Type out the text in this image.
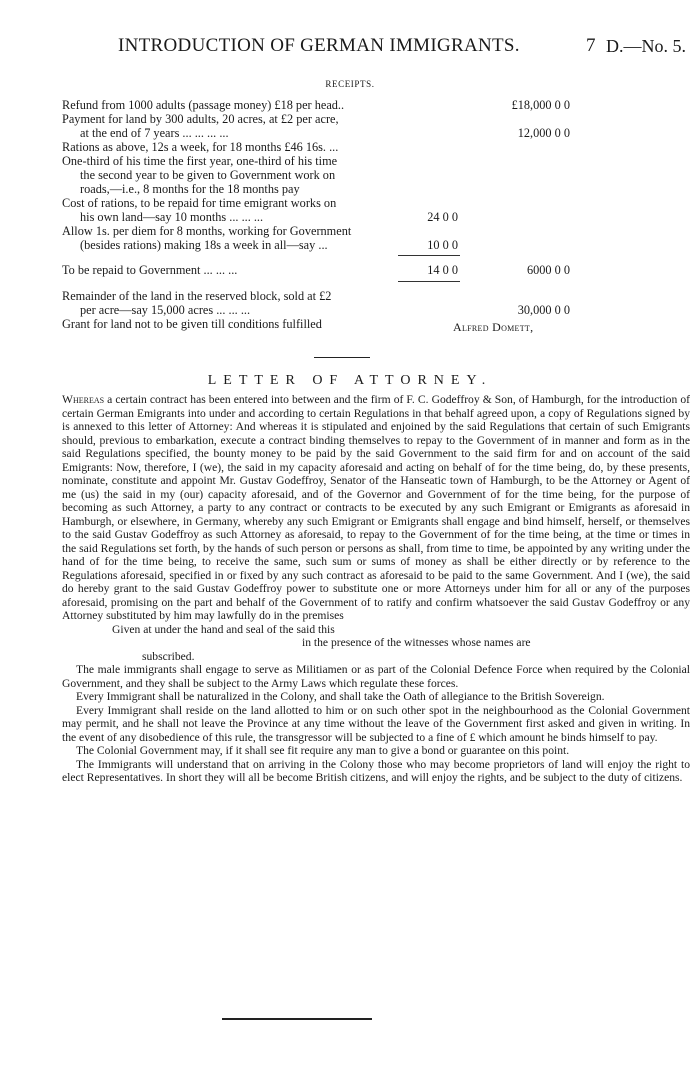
INTRODUCTION OF GERMAN IMMIGRANTS.	7 D.—No. 5.
RECEIPTS.
Refund from 1000 adults (passage money) £18 per head..
Payment for land by 300 adults, 20 acres, at £2 per acre,
at the end of 7 years ... ... ... ...
Rations as above, 12s a week, for 18 months £46 16s. ...
One-third of his time the first year, one-third of his time
the second year to be given to Government work on
roads,—i.e., 8 months for the 18 months pay
Cost of rations, to be repaid for time emigrant works on
his own land—say 10 months ... ... ...
Allow 1s. per diem for 8 months, working for Government
(besides rations) making 18s a week in all—say ...
To be repaid to Government ... ... ...
Remainder of the land in the reserved block, sold at £2
per acre—say 15,000 acres ... ... ...
Grant for land not to be given till conditions fulfilled
£18,000 0 0
12,000 0 0
24 0 0
10 0 0
14 0 0	6000 0 0
30,000 0 0
Alfred Domett,
LETTER OF ATTORNEY.

Whereas a certain contract has been entered into between and the firm of F. C. Godeffroy & Son, of Hamburgh, for the introduction of certain German Emigrants into under and according to certain Regulations in that behalf agreed upon, a copy of Regulations signed by is annexed to this letter of Attorney: And whereas it is stipulated and enjoined by the said Regulations that certain of such Emigrants should, previous to embarkation, execute a contract binding themselves to repay to the Government of in manner and form as in the said Regulations specified, the bounty money to be paid by the said Government to the said firm for and on account of the said Emigrants: Now, therefore, I (we), the said in my capacity aforesaid and acting on behalf of for the time being, do, by these presents, nominate, constitute and appoint Mr. Gustav Godeffroy, Senator of the Hanseatic town of Hamburgh, to be the Attorney or Agent of me (us) the said in my (our) capacity aforesaid, and of the Governor and Government of for the time being, for the purpose of becoming as such Attorney, a party to any contract or contracts to be executed by any such Emigrant or Emigrants as aforesaid in Hamburgh, or elsewhere, in Germany, whereby any such Emigrant or Emigrants shall engage and bind himself, herself, or themselves to the said Gustav Godeffroy as such Attorney as aforesaid, to repay to the Government of for the time being, at the time or times in the said Regulations set forth, by the hands of such person or persons as shall, from time to time, be appointed by any writing under the hand of for the time being, to receive the same, such sum or sums of money as shall be either directly or by reference to the Regulations aforesaid, specified in or fixed by any such contract as aforesaid to be paid to the same Government. And I (we), the said do hereby grant to the said Gustav Godeffroy power to substitute one or more Attorneys under him for all or any of the purposes aforesaid, promising on the part and behalf of the Government of to ratify and confirm whatsoever the said Gustav Godeffroy or any Attorney substituted by him may lawfully do in the premises

Given at under the hand and seal of the said this

in the presence of the witnesses whose names are

subscribed.

The male immigrants shall engage to serve as Militiamen or as part of the Colonial Defence Force when required by the Colonial Government, and they shall be subject to the Army Laws which regulate these forces.

Every Immigrant shall be naturalized in the Colony, and shall take the Oath of allegiance to the British Sovereign.

Every Immigrant shall reside on the land allotted to him or on such other spot in the neighbourhood as the Colonial Government may permit, and he shall not leave the Province at any time without the leave of the Government first asked and given in writing. In the event of any disobedience of this rule, the transgressor will be subjected to a fine of £ which amount he binds himself to pay.

The Colonial Government may, if it shall see fit require any man to give a bond or guarantee on this point.

The Immigrants will understand that on arriving in the Colony those who may become proprietors of land will enjoy the right to elect Representatives. In short they will all be become British citizens, and will enjoy the rights, and be subject to the duty of citizens.
